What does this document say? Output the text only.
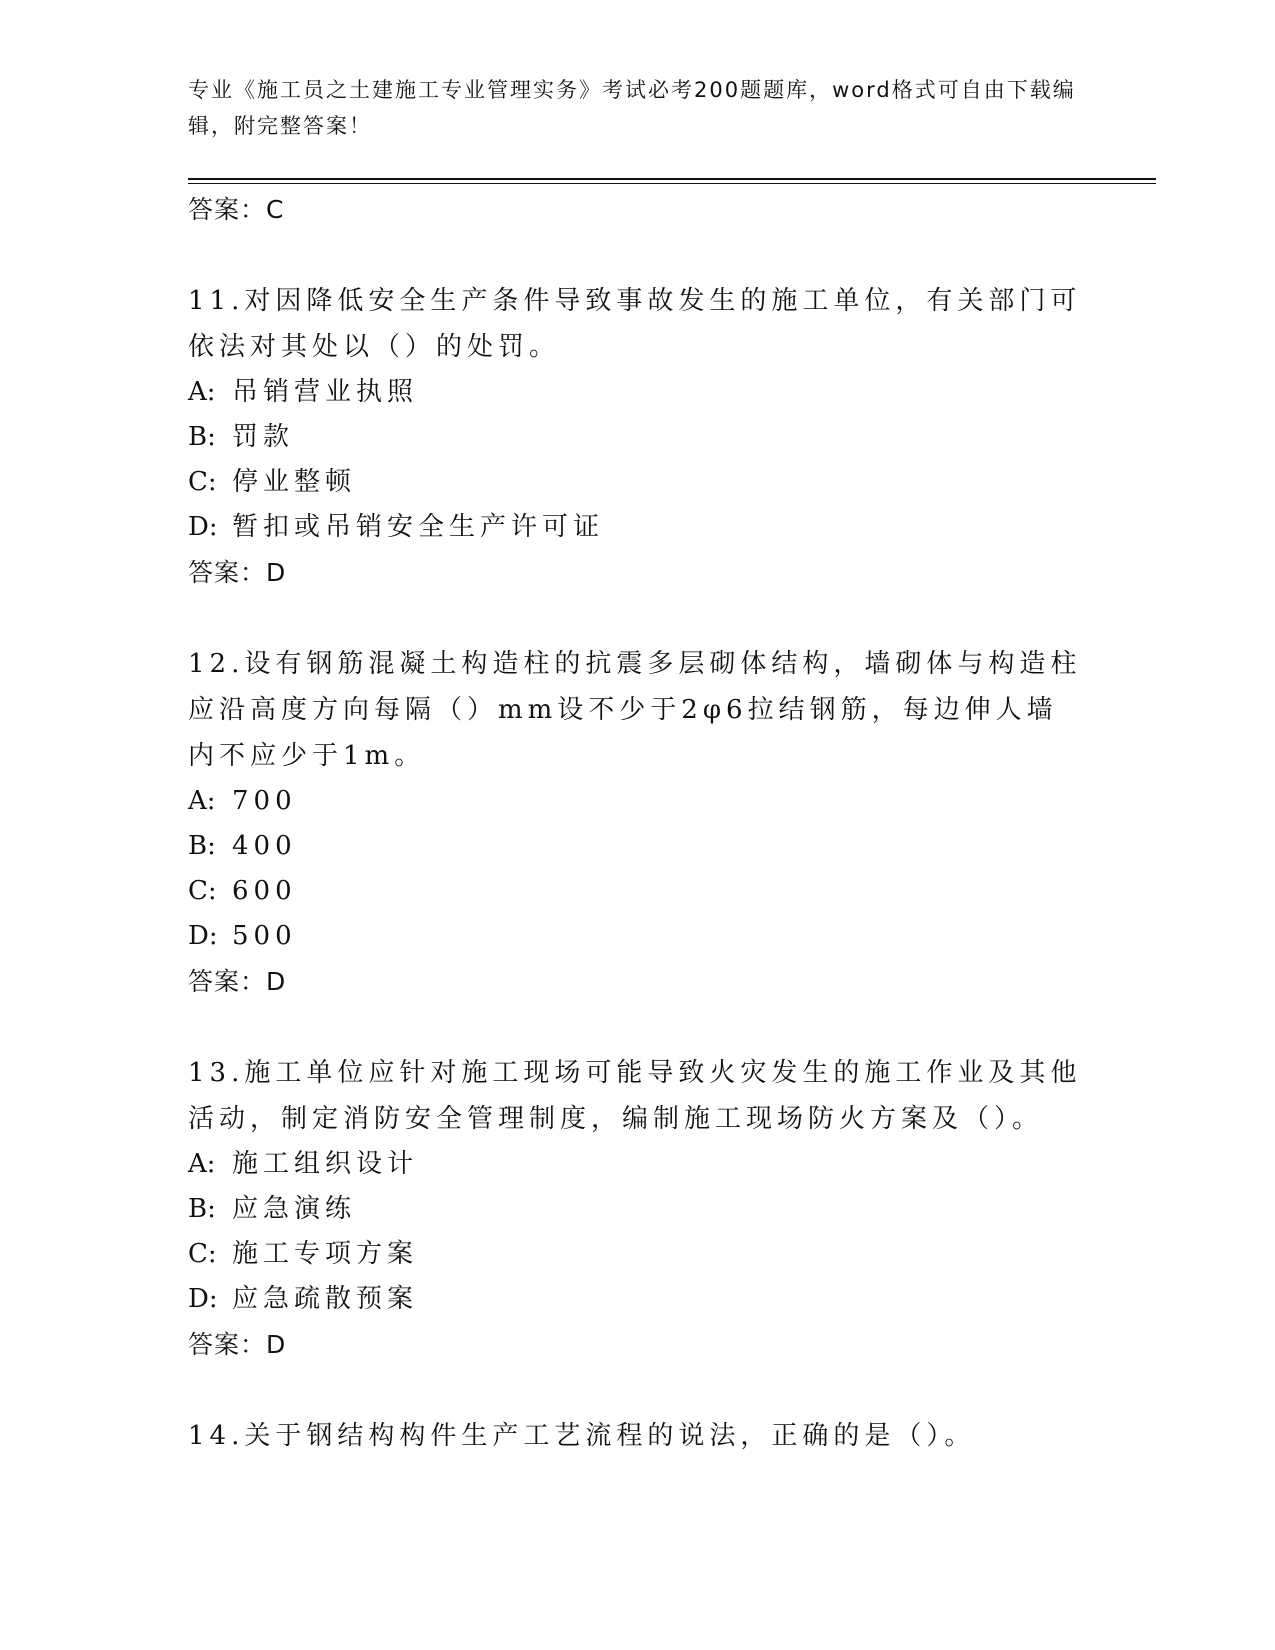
专业《施工员之土建施工专业管理实务》考试必考200题题库，word格式可自由下载编辑，附完整答案！
答案：C
11.对因降低安全生产条件导致事故发生的施工单位，有关部门可依法对其处以（）的处罚。
A: 吊销营业执照
B: 罚款
C: 停业整顿
D: 暂扣或吊销安全生产许可证
答案：D
12.设有钢筋混凝土构造柱的抗震多层砌体结构，墙砌体与构造柱应沿高度方向每隔（）mm设不少于2φ6拉结钢筋，每边伸人墙内不应少于1m。
A: 700
B: 400
C: 600
D: 500
答案：D
13.施工单位应针对施工现场可能导致火灾发生的施工作业及其他活动，制定消防安全管理制度，编制施工现场防火方案及（）。
A: 施工组织设计
B: 应急演练
C: 施工专项方案
D: 应急疏散预案
答案：D
14.关于钢结构构件生产工艺流程的说法，正确的是（）。
